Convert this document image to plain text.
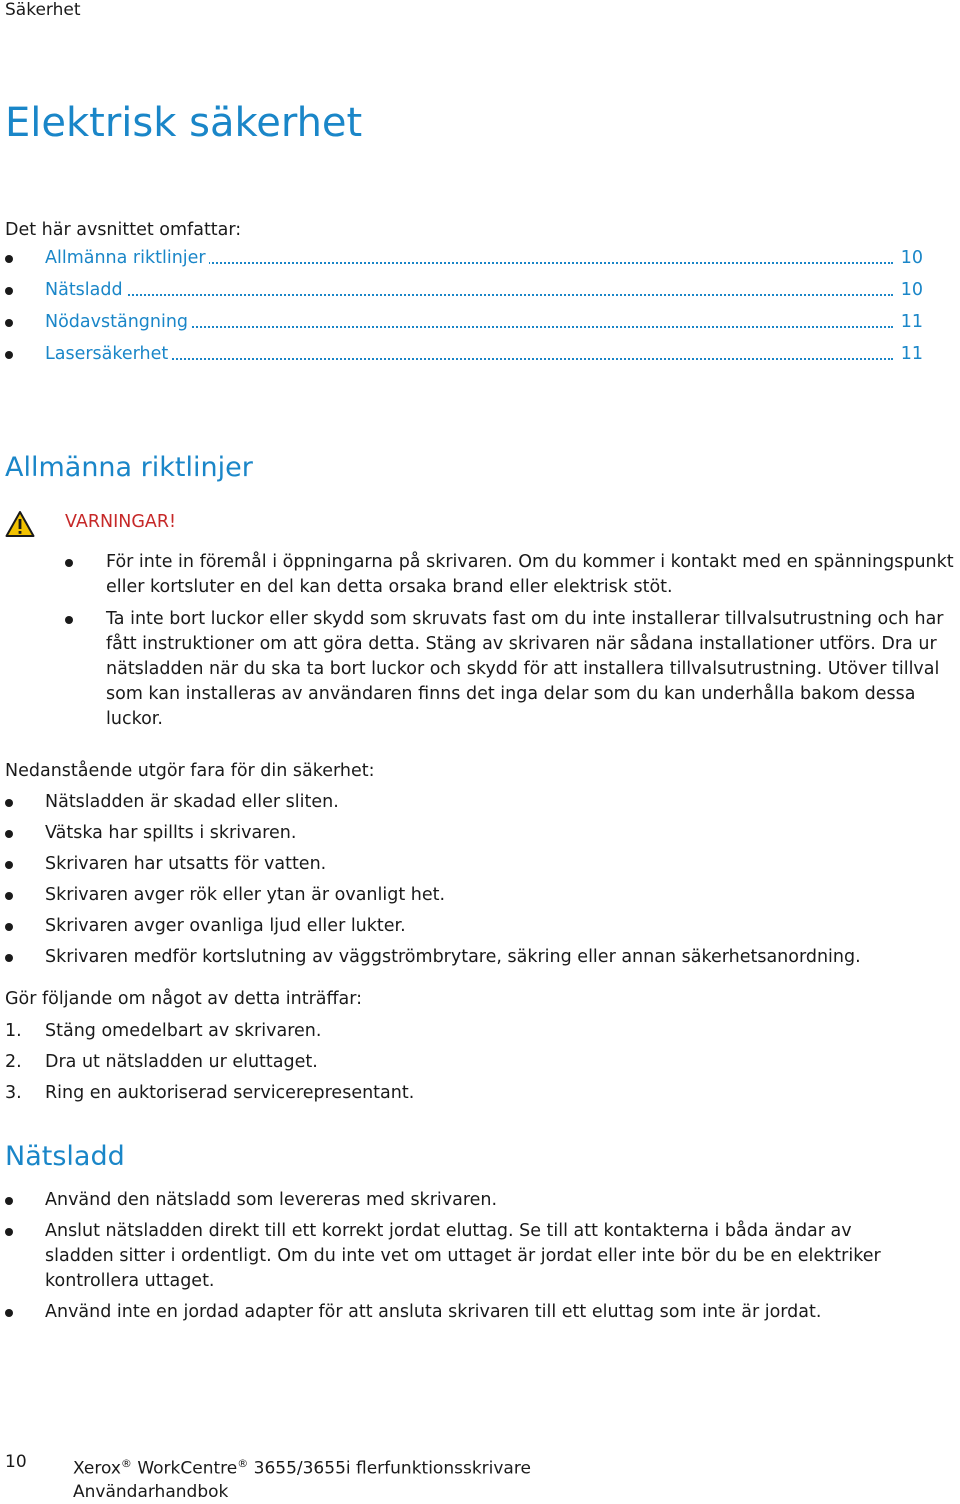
Säkerhet
Elektrisk säkerhet
Det här avsnittet omfattar:
Allmänna riktlinjer	10
Nätsladd	10
Nödavstängning	11
Lasersäkerhet	11
Allmänna riktlinjer
VARNINGAR!
För inte in föremål i öppningarna på skrivaren. Om du kommer i kontakt med en spänningspunkt eller kortsluter en del kan detta orsaka brand eller elektrisk stöt.
Ta inte bort luckor eller skydd som skruvats fast om du inte installerar tillvalsutrustning och har fått instruktioner om att göra detta. Stäng av skrivaren när sådana installationer utförs. Dra ur nätsladden när du ska ta bort luckor och skydd för att installera tillvalsutrustning. Utöver tillval som kan installeras av användaren finns det inga delar som du kan underhålla bakom dessa luckor.
Nedanstående utgör fara för din säkerhet:
Nätsladden är skadad eller sliten.
Vätska har spillts i skrivaren.
Skrivaren har utsatts för vatten.
Skrivaren avger rök eller ytan är ovanligt het.
Skrivaren avger ovanliga ljud eller lukter.
Skrivaren medför kortslutning av väggströmbrytare, säkring eller annan säkerhetsanordning.
Gör följande om något av detta inträffar:
1. Stäng omedelbart av skrivaren.
2. Dra ut nätsladden ur eluttaget.
3. Ring en auktoriserad servicerepresentant.
Nätsladd
Använd den nätsladd som levereras med skrivaren.
Anslut nätsladden direkt till ett korrekt jordat eluttag. Se till att kontakterna i båda ändar av sladden sitter i ordentligt. Om du inte vet om uttaget är jordat eller inte bör du be en elektriker kontrollera uttaget.
Använd inte en jordad adapter för att ansluta skrivaren till ett eluttag som inte är jordat.
10	Xerox® WorkCentre® 3655/3655i flerfunktionsskrivare
Användarhandbok
